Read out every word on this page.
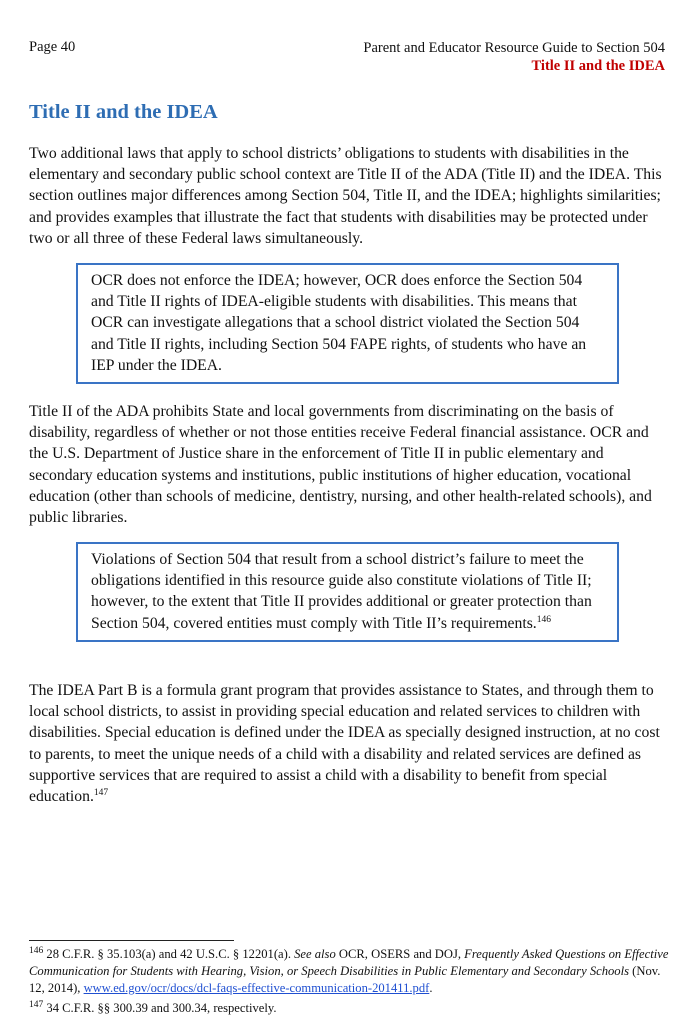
Page 40	Parent and Educator Resource Guide to Section 504
Title II and the IDEA
Title II and the IDEA

Two additional laws that apply to school districts’ obligations to students with disabilities in the elementary and secondary public school context are Title II of the ADA (Title II) and the IDEA. This section outlines major differences among Section 504, Title II, and the IDEA; highlights similarities; and provides examples that illustrate the fact that students with disabilities may be protected under two or all three of these Federal laws simultaneously.

OCR does not enforce the IDEA; however, OCR does enforce the Section 504 and Title II rights of IDEA-eligible students with disabilities. This means that OCR can investigate allegations that a school district violated the Section 504 and Title II rights, including Section 504 FAPE rights, of students who have an IEP under the IDEA.

Title II of the ADA prohibits State and local governments from discriminating on the basis of disability, regardless of whether or not those entities receive Federal financial assistance. OCR and the U.S. Department of Justice share in the enforcement of Title II in public elementary and secondary education systems and institutions, public institutions of higher education, vocational education (other than schools of medicine, dentistry, nursing, and other health-related schools), and public libraries.

Violations of Section 504 that result from a school district’s failure to meet the obligations identified in this resource guide also constitute violations of Title II; however, to the extent that Title II provides additional or greater protection than Section 504, covered entities must comply with Title II’s requirements.$^{146}$

The IDEA Part B is a formula grant program that provides assistance to States, and through them to local school districts, to assist in providing special education and related services to children with disabilities. Special education is defined under the IDEA as specially designed instruction, at no cost to parents, to meet the unique needs of a child with a disability and related services are defined as supportive services that are required to assist a child with a disability to benefit from special education.$^{147}$

$^{146}$ 28 C.F.R. § 35.103(a) and 42 U.S.C. § 12201(a). See also OCR, OSERS and DOJ, Frequently Asked Questions on Effective Communication for Students with Hearing, Vision, or Speech Disabilities in Public Elementary and Secondary Schools (Nov. 12, 2014), www.ed.gov/ocr/docs/dcl-faqs-effective-communication-201411.pdf.

$^{147}$ 34 C.F.R. §§ 300.39 and 300.34, respectively.
